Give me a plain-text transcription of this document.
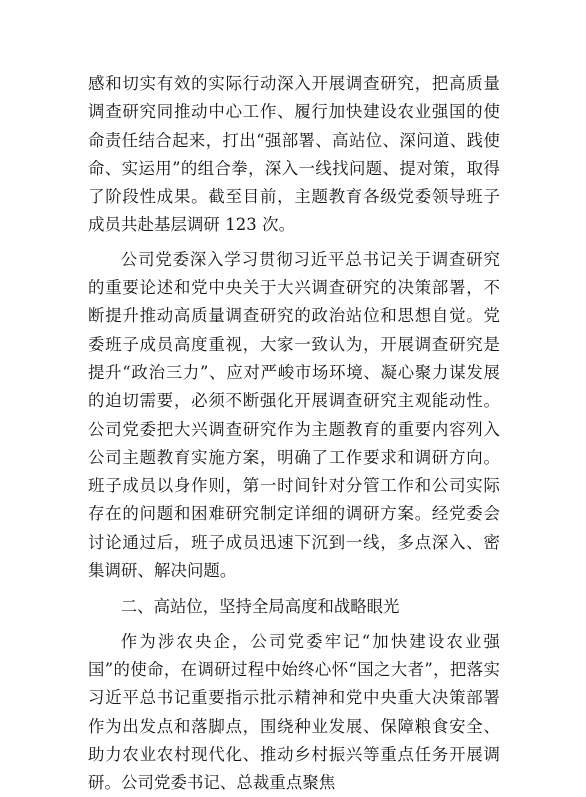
感和切实有效的实际行动深入开展调查研究，把高质量调查研究同推动中心工作、履行加快建设农业强国的使命责任结合起来，打出“强部署、高站位、深问道、践使命、实运用”的组合拳，深入一线找问题、提对策，取得了阶段性成果。截至目前，主题教育各级党委领导班子成员共赴基层调研 123 次。

公司党委深入学习贯彻习近平总书记关于调查研究的重要论述和党中央关于大兴调查研究的决策部署，不断提升推动高质量调查研究的政治站位和思想自觉。党委班子成员高度重视，大家一致认为，开展调查研究是提升“政治三力”、应对严峻市场环境、凝心聚力谋发展的迫切需要，必须不断强化开展调查研究主观能动性。公司党委把大兴调查研究作为主题教育的重要内容列入公司主题教育实施方案，明确了工作要求和调研方向。班子成员以身作则，第一时间针对分管工作和公司实际存在的问题和困难研究制定详细的调研方案。经党委会讨论通过后，班子成员迅速下沉到一线，多点深入、密集调研、解决问题。

二、高站位，坚持全局高度和战略眼光

作为涉农央企，公司党委牢记“加快建设农业强国”的使命，在调研过程中始终心怀“国之大者”，把落实习近平总书记重要指示批示精神和党中央重大决策部署作为出发点和落脚点，围绕种业发展、保障粮食安全、助力农业农村现代化、推动乡村振兴等重点任务开展调研。公司党委书记、总裁重点聚焦
